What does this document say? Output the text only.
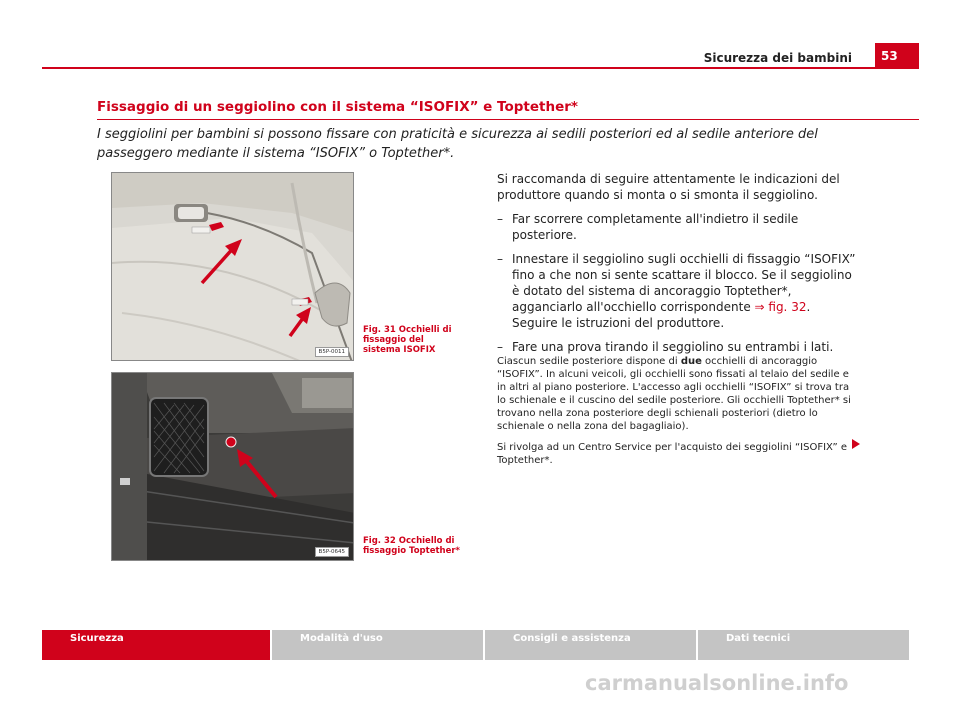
Sicurezza dei bambini	53
Fissaggio di un seggiolino con il sistema “ISOFIX” e Toptether*
I seggiolini per bambini si possono fissare con praticità e sicurezza ai sedili posteriori ed al sedile anteriore del passeggero mediante il sistema “ISOFIX” o Toptether*.
B5P-0011
Fig. 31 Occhielli di fissaggio del sistema ISOFIX
B5P-0645
Fig. 32 Occhiello di fissaggio Toptether*

Si raccomanda di seguire attentamente le indicazioni del produttore quando si monta o si smonta il seggiolino.

– Far scorrere completamente all'indietro il sedile posteriore.
– Innestare il seggiolino sugli occhielli di fissaggio “ISOFIX” fino a che non si sente scattare il blocco. Se il seggiolino è dotato del sistema di ancoraggio Toptether*, agganciarlo all'occhiello corrispondente ⇒ fig. 32. Seguire le istruzioni del produttore.
– Fare una prova tirando il seggiolino su entrambi i lati.

Ciascun sedile posteriore dispone di due occhielli di ancoraggio “ISOFIX”. In alcuni veicoli, gli occhielli sono fissati al telaio del sedile e in altri al piano posteriore. L'accesso agli occhielli “ISOFIX” si trova tra lo schienale e il cuscino del sedile posteriore. Gli occhielli Toptether* si trovano nella zona posteriore degli schienali posteriori (dietro lo schienale o nella zona del bagagliaio).

Si rivolga ad un Centro Service per l'acquisto dei seggiolini “ISOFIX” e Toptether*.

Sicurezza	Modalità d'uso	Consigli e assistenza	Dati tecnici
carmanualsonline.info
